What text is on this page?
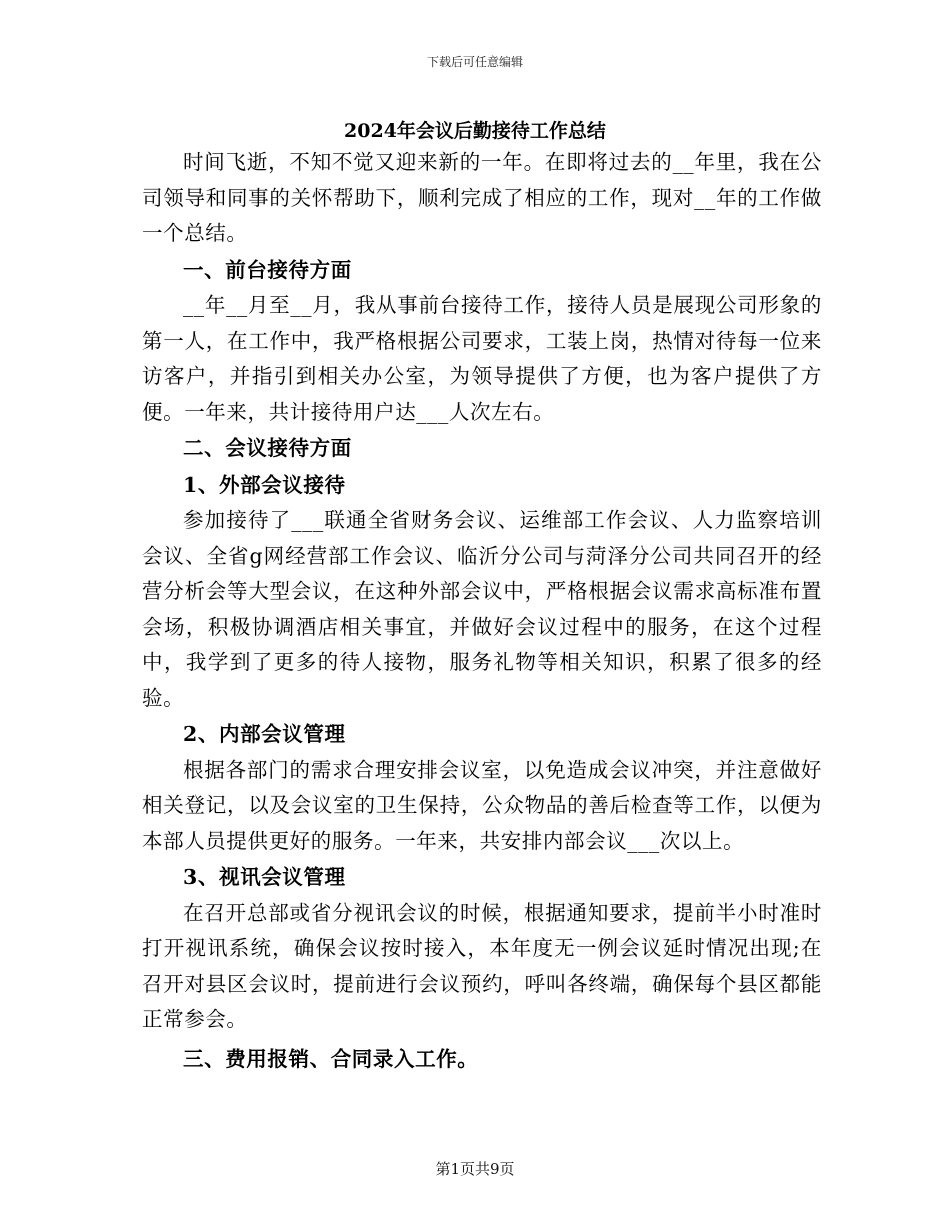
下载后可任意编辑
2024年会议后勤接待工作总结

时间飞逝，不知不觉又迎来新的一年。在即将过去的__年里，我在公司领导和同事的关怀帮助下，顺利完成了相应的工作，现对__年的工作做一个总结。

一、前台接待方面

__年__月至__月，我从事前台接待工作，接待人员是展现公司形象的第一人，在工作中，我严格根据公司要求，工装上岗，热情对待每一位来访客户，并指引到相关办公室，为领导提供了方便，也为客户提供了方便。一年来，共计接待用户达___人次左右。

二、会议接待方面

1、外部会议接待

参加接待了___联通全省财务会议、运维部工作会议、人力监察培训会议、全省g网经营部工作会议、临沂分公司与菏泽分公司共同召开的经营分析会等大型会议，在这种外部会议中，严格根据会议需求高标准布置会场，积极协调酒店相关事宜，并做好会议过程中的服务，在这个过程中，我学到了更多的待人接物，服务礼物等相关知识，积累了很多的经验。

2、内部会议管理

根据各部门的需求合理安排会议室，以免造成会议冲突，并注意做好相关登记，以及会议室的卫生保持，公众物品的善后检查等工作，以便为本部人员提供更好的服务。一年来，共安排内部会议___次以上。

3、视讯会议管理

在召开总部或省分视讯会议的时候，根据通知要求，提前半小时准时打开视讯系统，确保会议按时接入，本年度无一例会议延时情况出现;在召开对县区会议时，提前进行会议预约，呼叫各终端，确保每个县区都能正常参会。

三、费用报销、合同录入工作。

第1页共9页
